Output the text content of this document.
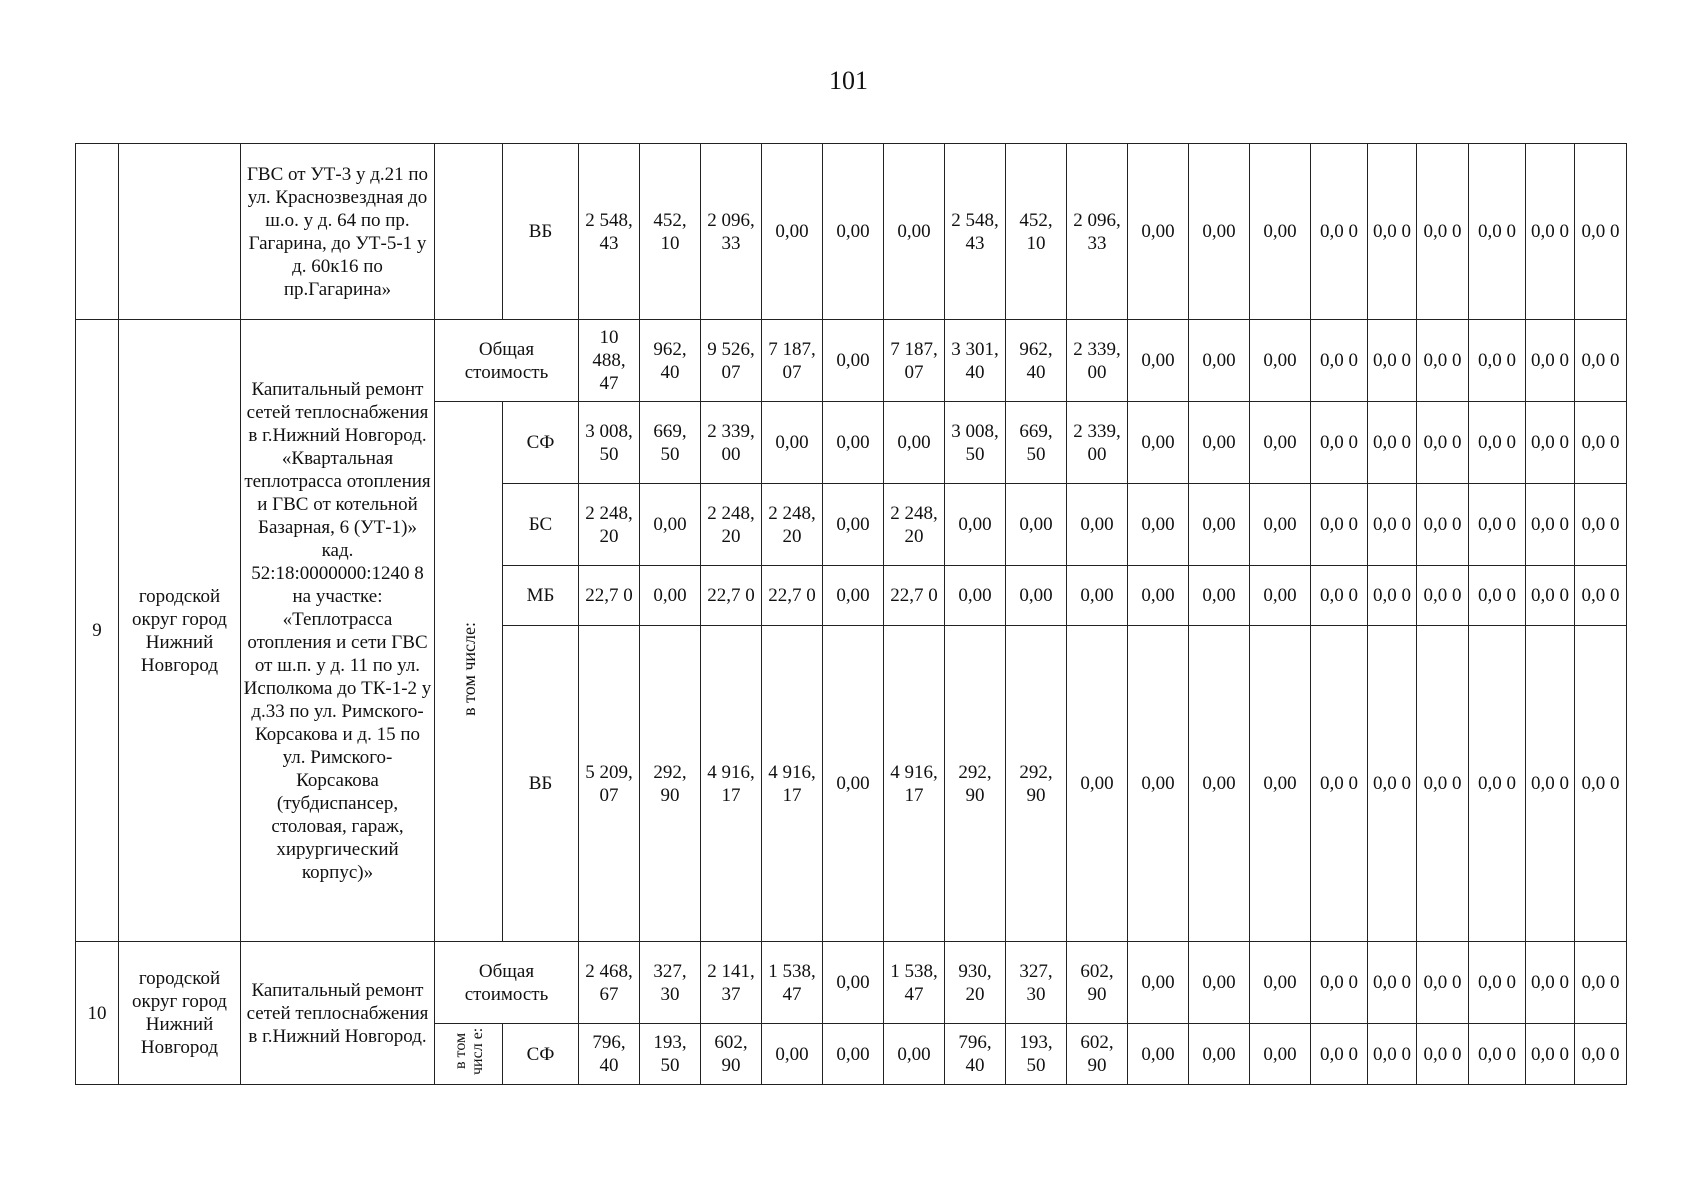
101
		ГВС от УТ-3 у д.21 по ул. Краснозвездная до ш.о. у д. 64 по пр. Гагарина, до УТ-5-1 у д. 60к16 по пр.Гагарина»		ВБ	2 548, 43	452, 10	2 096, 33	0,00	0,00	0,00	2 548, 43	452, 10	2 096, 33	0,00	0,00	0,00	0,0 0	0,0 0	0,0 0	0,0 0	0,0 0	0,0 0
9	городской округ город Нижний Новгород	Капитальный ремонт сетей теплоснабжения в г.Нижний Новгород. «Квартальная теплотрасса отопления и ГВС от котельной Базарная, 6 (УТ-1)» кад. 52:18:0000000:1240 8 на участке: «Теплотрасса отопления и сети ГВС от ш.п. у д. 11 по ул. Исполкома до ТК-1-2 у д.33 по ул. Римского-Корсакова и д. 15 по ул. Римского-Корсакова (тубдиспансер, столовая, гараж, хирургический корпус)»	Общая стоимость		10 488, 47	962, 40	9 526, 07	7 187, 07	0,00	7 187, 07	3 301, 40	962, 40	2 339, 00	0,00	0,00	0,00	0,0 0	0,0 0	0,0 0	0,0 0	0,0 0	0,0 0
			в том числе:	СФ	3 008, 50	669, 50	2 339, 00	0,00	0,00	0,00	3 008, 50	669, 50	2 339, 00	0,00	0,00	0,00	0,0 0	0,0 0	0,0 0	0,0 0	0,0 0	0,0 0
				БС	2 248, 20	0,00	2 248, 20	2 248, 20	0,00	2 248, 20	0,00	0,00	0,00	0,00	0,00	0,00	0,0 0	0,0 0	0,0 0	0,0 0	0,0 0	0,0 0
				МБ	22,7 0	0,00	22,7 0	22,7 0	0,00	22,7 0	0,00	0,00	0,00	0,00	0,00	0,00	0,0 0	0,0 0	0,0 0	0,0 0	0,0 0	0,0 0
				ВБ	5 209, 07	292, 90	4 916, 17	4 916, 17	0,00	4 916, 17	292, 90	292, 90	0,00	0,00	0,00	0,00	0,0 0	0,0 0	0,0 0	0,0 0	0,0 0	0,0 0
10	городской округ город Нижний Новгород	Капитальный ремонт сетей теплоснабжения в г.Нижний Новгород.	Общая стоимость		2 468, 67	327, 30	2 141, 37	1 538, 47	0,00	1 538, 47	930, 20	327, 30	602, 90	0,00	0,00	0,00	0,0 0	0,0 0	0,0 0	0,0 0	0,0 0	0,0 0
			в том числ е:	СФ	796, 40	193, 50	602, 90	0,00	0,00	0,00	796, 40	193, 50	602, 90	0,00	0,00	0,00	0,0 0	0,0 0	0,0 0	0,0 0	0,0 0	0,0 0
